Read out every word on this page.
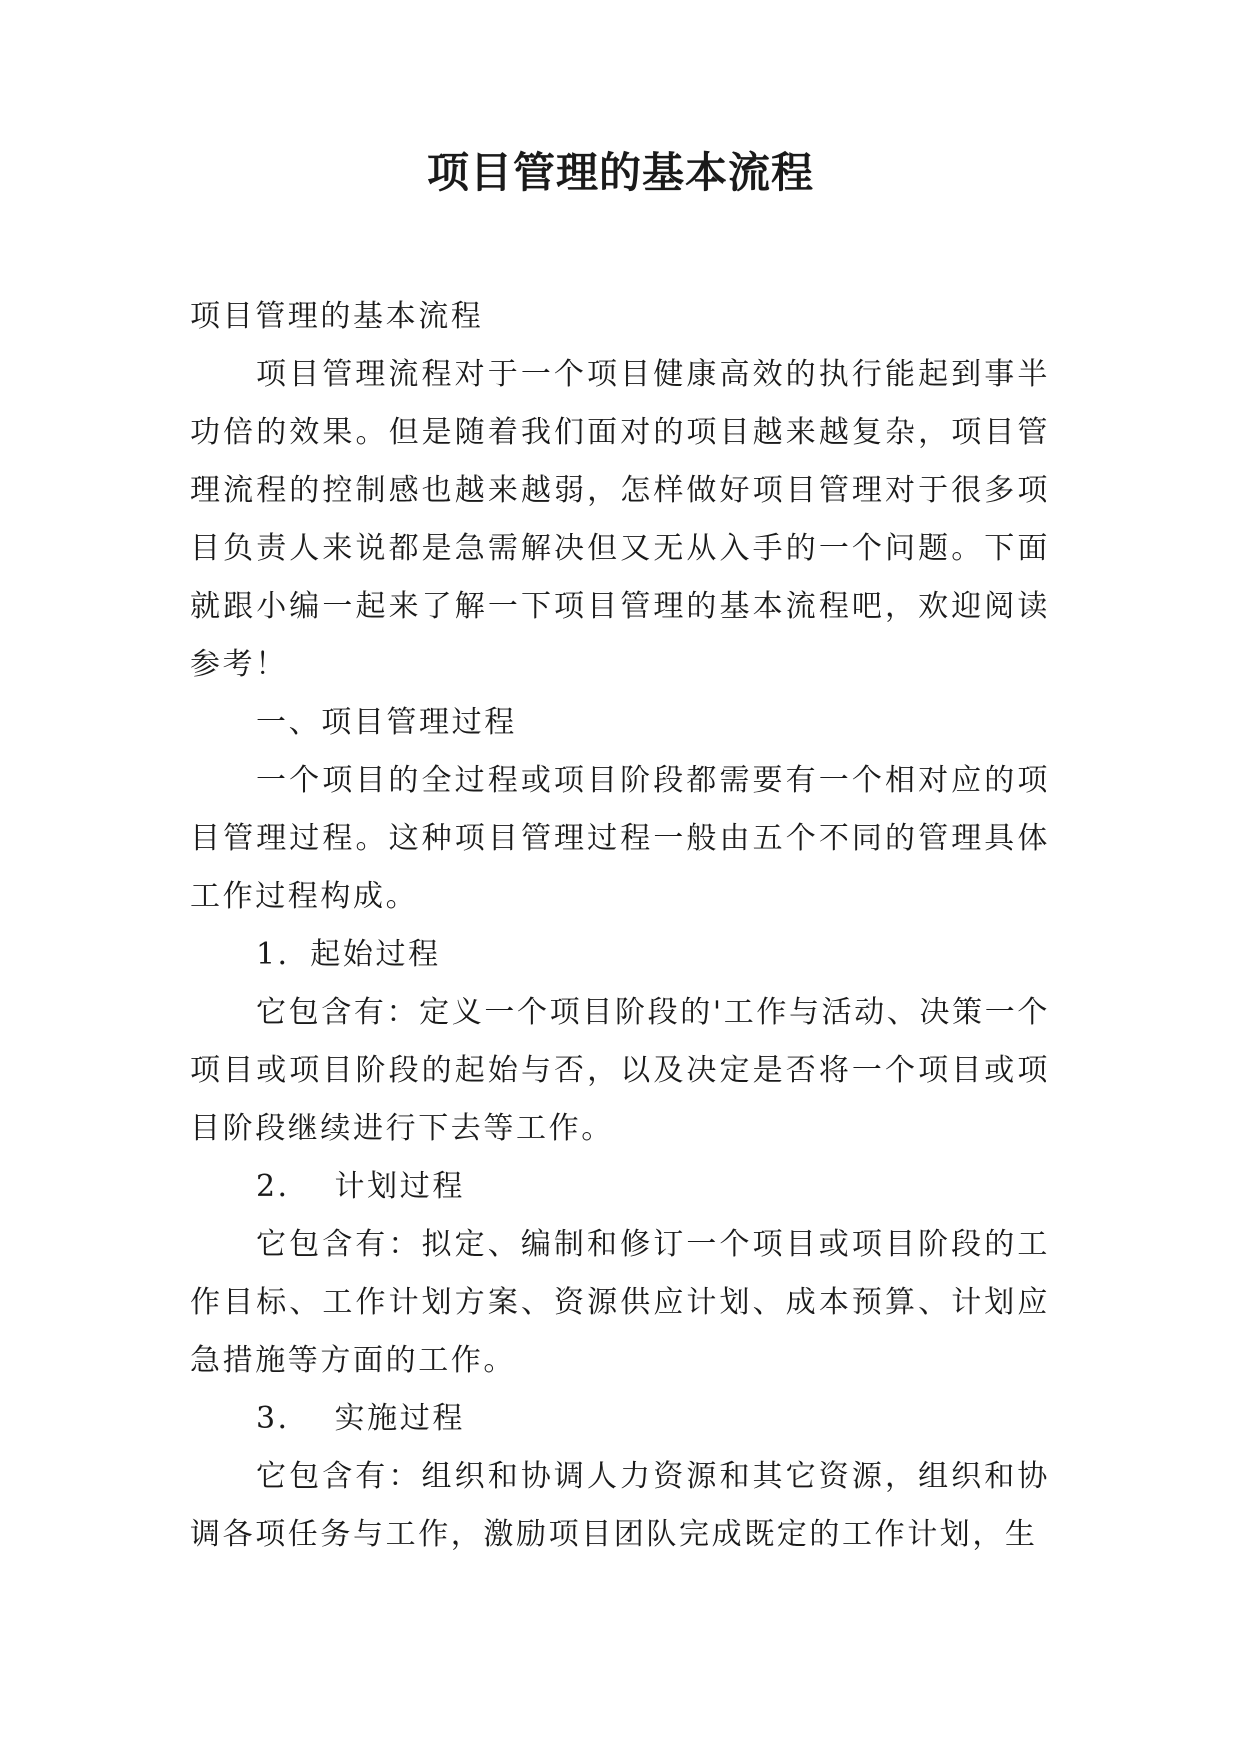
项目管理的基本流程

项目管理的基本流程

项目管理流程对于一个项目健康高效的执行能起到事半功倍的效果。但是随着我们面对的项目越来越复杂，项目管理流程的控制感也越来越弱，怎样做好项目管理对于很多项目负责人来说都是急需解决但又无从入手的一个问题。下面就跟小编一起来了解一下项目管理的基本流程吧，欢迎阅读参考！

一、项目管理过程

一个项目的全过程或项目阶段都需要有一个相对应的项目管理过程。这种项目管理过程一般由五个不同的管理具体工作过程构成。

1．起始过程

它包含有：定义一个项目阶段的'工作与活动、决策一个项目或项目阶段的起始与否，以及决定是否将一个项目或项目阶段继续进行下去等工作。

2．  计划过程

它包含有：拟定、编制和修订一个项目或项目阶段的工作目标、工作计划方案、资源供应计划、成本预算、计划应急措施等方面的工作。

3．  实施过程

它包含有：组织和协调人力资源和其它资源，组织和协调各项任务与工作，激励项目团队完成既定的工作计划，生
